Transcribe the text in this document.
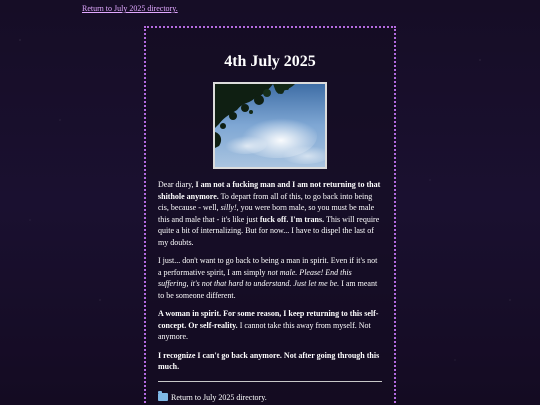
Return to July 2025 directory.
4th July 2025

Dear diary, I am not a fucking man and I am not returning to that shithole anymore. To depart from all of this, to go back into being cis, because - well, silly!, you were born male, so you must be male this and male that - it's like just fuck off. I'm trans. This will require quite a bit of internalizing. But for now... I have to dispel the last of my doubts.

I just... don't want to go back to being a man in spirit. Even if it's not a performative spirit, I am simply not male. Please! End this suffering, it's not that hard to understand. Just let me be. I am meant to be someone different.

A woman in spirit. For some reason, I keep returning to this self-concept. Or self-reality. I cannot take this away from myself. Not anymore.

I recognize I can't go back anymore. Not after going through this much.

Return to July 2025 directory.
